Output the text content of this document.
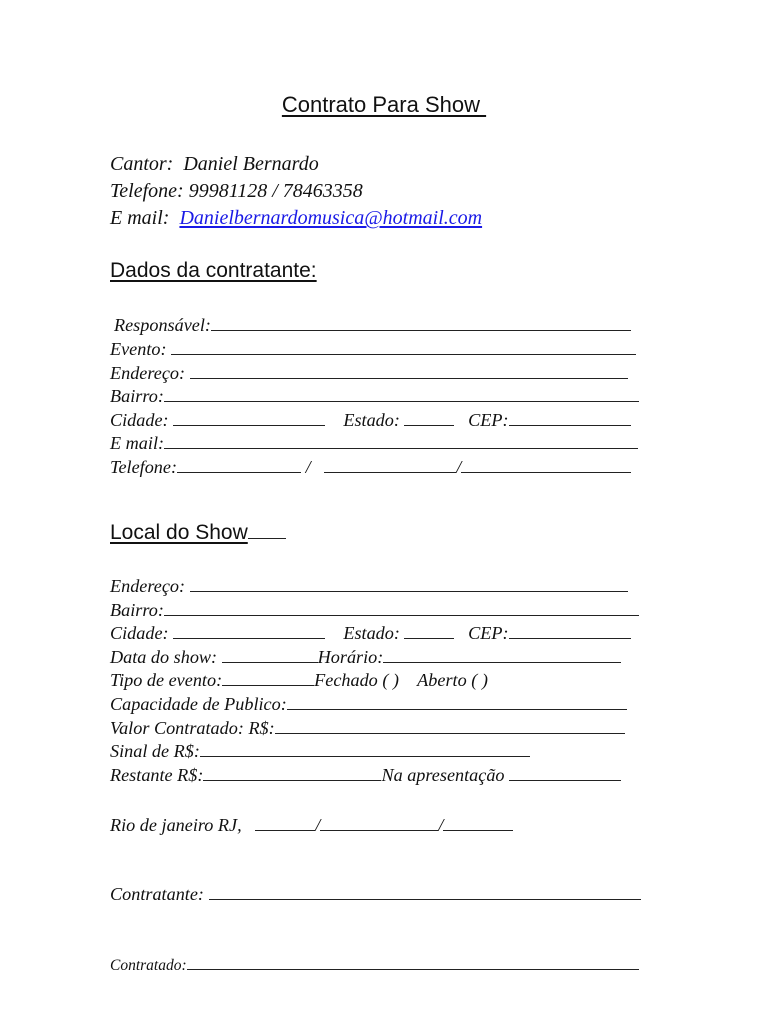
Contrato Para Show
Cantor: Daniel Bernardo
Telefone: 99981128 / 78463358
E mail: Danielbernardomusica@hotmail.com
Dados da contratante:
Responsável:
Evento:
Endereço:
Bairro:
Cidade:	Estado:	CEP:
E mail:
Telefone:	/	/
Local do Show
Endereço:
Bairro:
Cidade:	Estado:	CEP:
Data do show:	Horário:
Tipo de evento:	Fechado ( ) Aberto ( )
Capacidade de Publico:
Valor Contratado: R$:
Sinal de R$:
Restante R$:	Na apresentação
Rio de janeiro RJ,	/	/
Contratante:
Contratado:
